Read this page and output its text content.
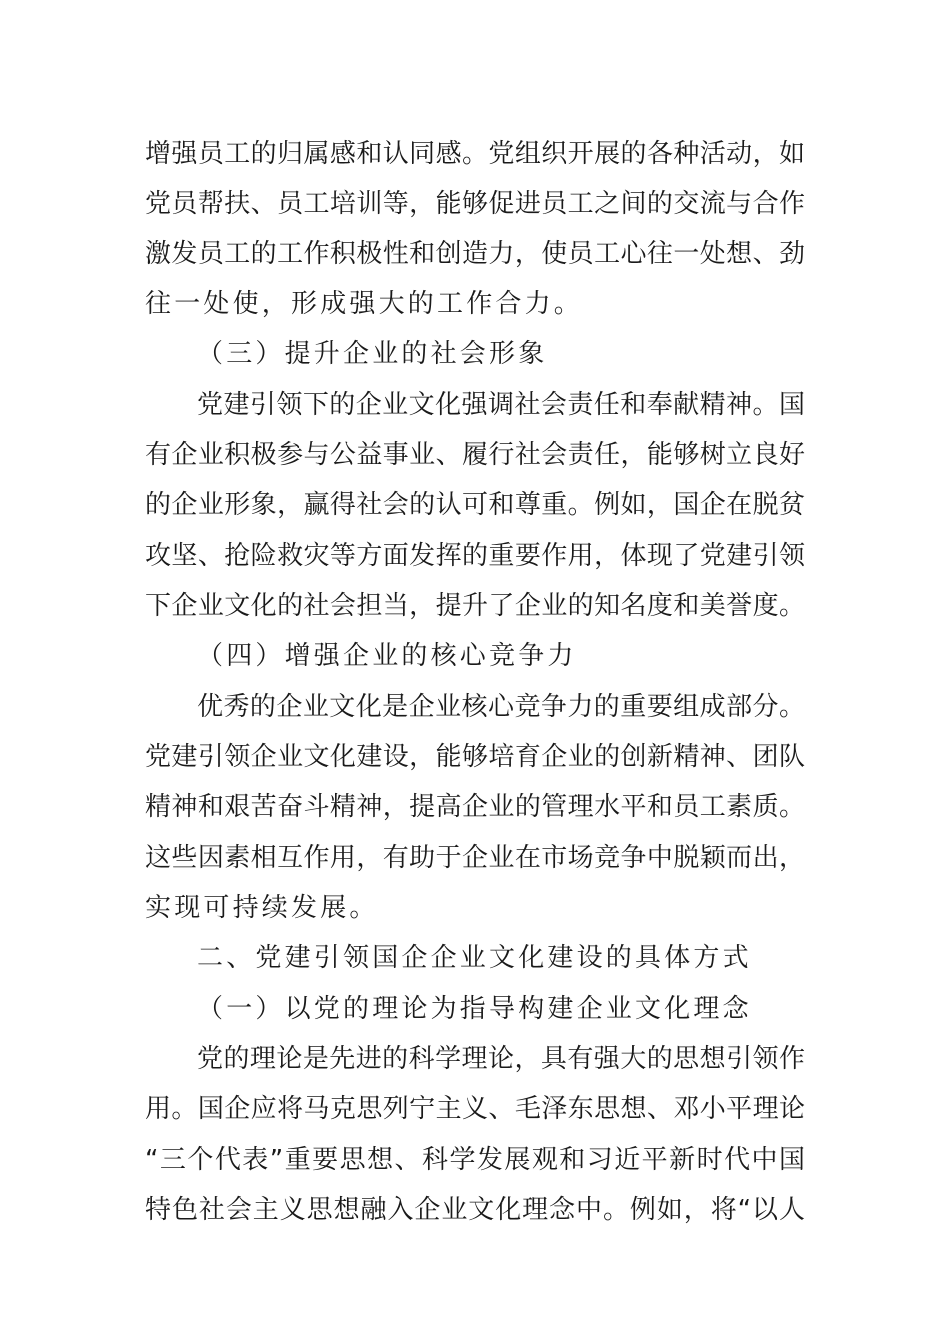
增强员工的归属感和认同感。党组织开展的各种活动，如
党员帮扶、员工培训等，能够促进员工之间的交流与合作
激发员工的工作积极性和创造力，使员工心往一处想、劲
往一处使，形成强大的工作合力。
（三）提升企业的社会形象
党建引领下的企业文化强调社会责任和奉献精神。国
有企业积极参与公益事业、履行社会责任，能够树立良好
的企业形象，赢得社会的认可和尊重。例如，国企在脱贫
攻坚、抢险救灾等方面发挥的重要作用，体现了党建引领
下企业文化的社会担当，提升了企业的知名度和美誉度。
（四）增强企业的核心竞争力
优秀的企业文化是企业核心竞争力的重要组成部分。
党建引领企业文化建设，能够培育企业的创新精神、团队
精神和艰苦奋斗精神，提高企业的管理水平和员工素质。
这些因素相互作用，有助于企业在市场竞争中脱颖而出，
实现可持续发展。
二、党建引领国企企业文化建设的具体方式
（一）以党的理论为指导构建企业文化理念
党的理论是先进的科学理论，具有强大的思想引领作
用。国企应将马克思列宁主义、毛泽东思想、邓小平理论
“三个代表”重要思想、科学发展观和习近平新时代中国
特色社会主义思想融入企业文化理念中。例如，将“以人
